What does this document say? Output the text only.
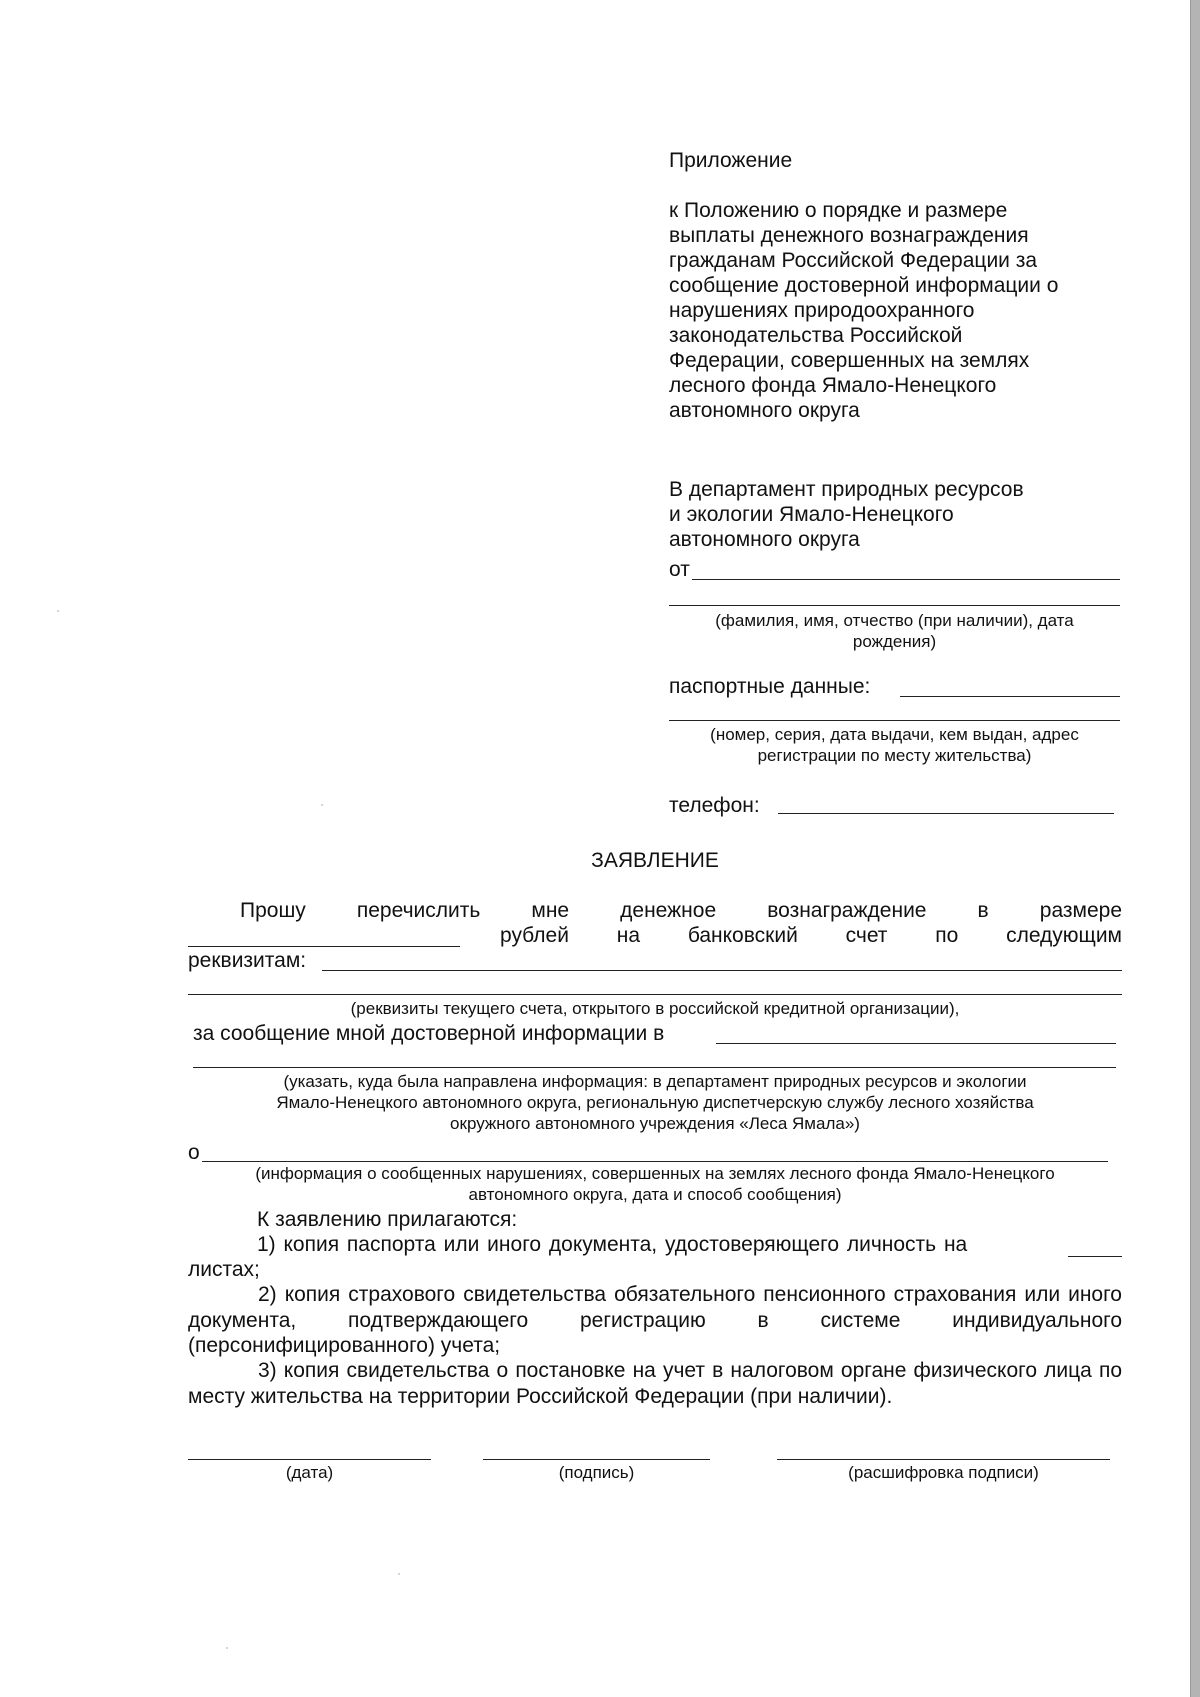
Приложение
к Положению о порядке и размере
выплаты денежного вознаграждения
гражданам Российской Федерации за
сообщение достоверной информации о
нарушениях природоохранного
законодательства Российской
Федерации, совершенных на землях
лесного фонда Ямало-Ненецкого
автономного округа
В департамент природных ресурсов
и экологии Ямало-Ненецкого
автономного округа
от
(фамилия, имя, отчество (при наличии), дата
рождения)
паспортные данные:
(номер, серия, дата выдачи, кем выдан, адрес
регистрации по месту жительства)
телефон:
ЗАЯВЛЕНИЕ
Прошу перечислить мне денежное вознаграждение в размере
рублей на банковский счет по следующим
реквизитам:
(реквизиты текущего счета, открытого в российской кредитной организации),
за сообщение мной достоверной информации в
(указать, куда была направлена информация: в департамент природных ресурсов и экологии
Ямало-Ненецкого автономного округа, региональную диспетчерскую службу лесного хозяйства
окружного автономного учреждения «Леса Ямала»)
о
(информация о сообщенных нарушениях, совершенных на землях лесного фонда Ямало-Ненецкого
автономного округа, дата и способ сообщения)
К заявлению прилагаются:
1) копия паспорта или иного документа, удостоверяющего личность на
листах;
2) копия страхового свидетельства обязательного пенсионного страхования или иного документа, подтверждающего регистрацию в системе индивидуального (персонифицированного) учета;
3) копия свидетельства о постановке на учет в налоговом органе физического лица по месту жительства на территории Российской Федерации (при наличии).
(дата)	(подпись)	(расшифровка подписи)
